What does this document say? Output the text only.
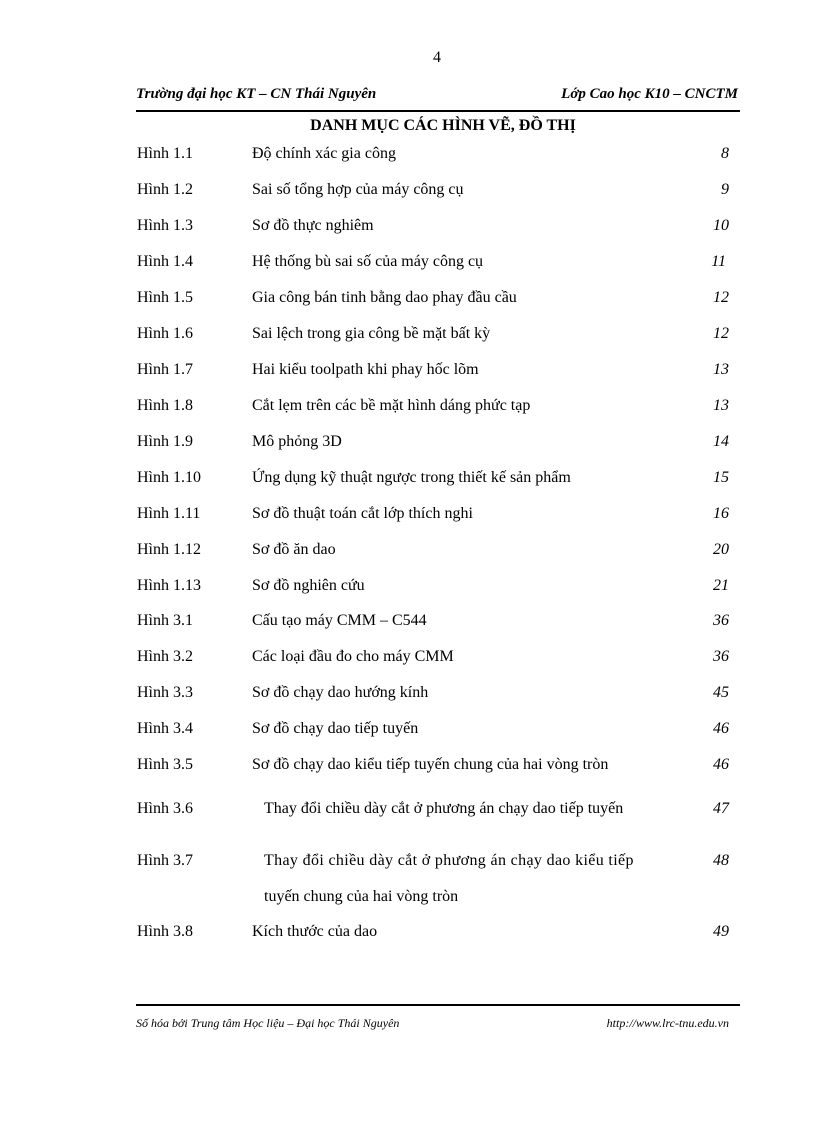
4
Trường đại học KT – CN Thái Nguyên	Lớp Cao học K10 – CNCTM
DANH MỤC CÁC HÌNH VẼ, ĐỒ THỊ
Hình 1.1	Độ chính xác gia công	8
Hình 1.2	Sai số tổng hợp của máy công cụ	9
Hình 1.3	Sơ đồ thực nghiêm	10
Hình 1.4	Hệ thống bù sai số của máy công cụ	11
Hình 1.5	Gia công bán tinh bằng dao phay đầu cầu	12
Hình 1.6	Sai lệch trong gia công bề mặt bất kỳ	12
Hình 1.7	Hai kiểu toolpath khi phay hốc lõm	13
Hình 1.8	Cắt lẹm trên các bề mặt hình dáng phức tạp	13
Hình 1.9	Mô phỏng 3D	14
Hình 1.10	Ứng dụng kỹ thuật ngược trong thiết kế sản phẩm	15
Hình 1.11	Sơ đồ thuật toán cắt lớp thích nghi	16
Hình 1.12	Sơ đồ ăn dao	20
Hình 1.13	Sơ đồ nghiên cứu	21
Hình 3.1	Cấu tạo máy CMM – C544	36
Hình 3.2	Các loại đầu đo cho máy CMM	36
Hình 3.3	Sơ đồ chạy dao hướng kính	45
Hình 3.4	Sơ đồ chạy dao tiếp tuyến	46
Hình 3.5	Sơ đồ chạy dao kiểu tiếp tuyến chung của hai vòng tròn	46
Hình 3.6	Thay đổi chiều dày cắt ở phương án chạy dao tiếp tuyến	47
Hình 3.7	Thay đổi chiều dày cắt ở phương án chạy dao kiểu tiếp	48
tuyến chung của hai vòng tròn
Hình 3.8	Kích thước của dao	49
Số hóa bởi Trung tâm Học liệu – Đại học Thái Nguyên	http://www.lrc-tnu.edu.vn
